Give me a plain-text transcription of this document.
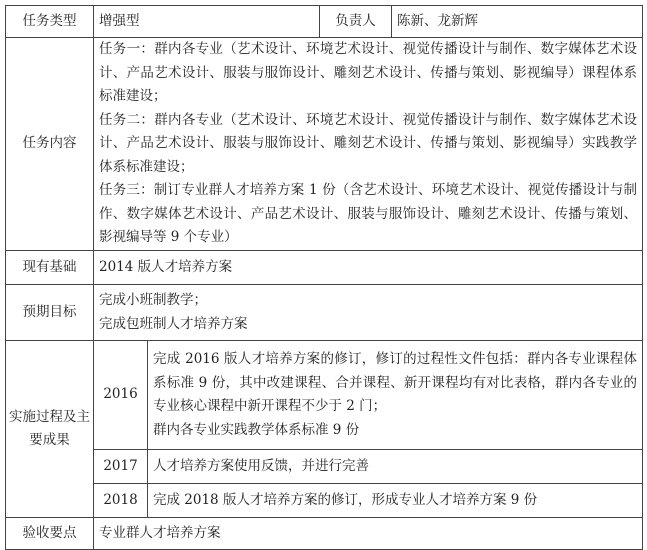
任务类型	增强型		负责人	陈新、龙新辉
任务内容	任务一：群内各专业（艺术设计、环境艺术设计、视觉传播设计与制作、数字媒体艺术设计、产品艺术设计、服装与服饰设计、雕刻艺术设计、传播与策划、影视编导）课程体系标准建设；
任务二：群内各专业（艺术设计、环境艺术设计、视觉传播设计与制作、数字媒体艺术设计、产品艺术设计、服装与服饰设计、雕刻艺术设计、传播与策划、影视编导）实践教学体系标准建设；
任务三：制订专业群人才培养方案 1 份（含艺术设计、环境艺术设计、视觉传播设计与制作、数字媒体艺术设计、产品艺术设计、服装与服饰设计、雕刻艺术设计、传播与策划、影视编导等 9 个专业）			

现有基础	2014 版人才培养方案			
预期目标	完成小班制教学；
完成包班制人才培养方案			

实施过程及主要成果	2016	完成 2016 版人才培养方案的修订，修订的过程性文件包括：群内各专业课程体系标准 9 份，其中改建课程、合并课程、新开课程均有对比表格，群内各专业的专业核心课程中新开课程不少于 2 门；
群内各专业实践教学体系标准 9 份		

	2017	人才培养方案使用反馈，并进行完善		
	2018	完成 2018 版人才培养方案的修订，形成专业人才培养方案 9 份		
验收要点	专业群人才培养方案			
